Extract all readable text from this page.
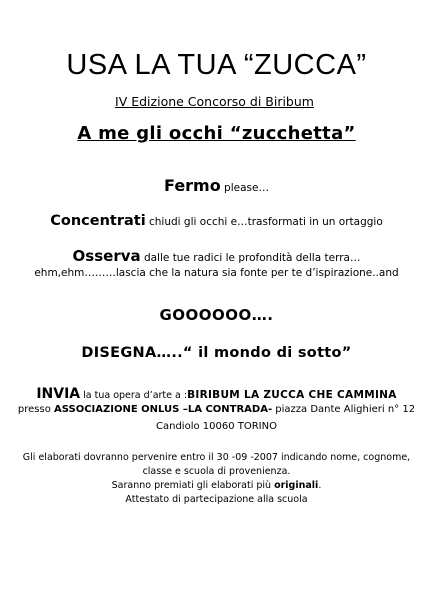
USA LA TUA “ZUCCA”
IV Edizione Concorso di Biribum
A me gli occhi “zucchetta”
Fermo please…
Concentrati chiudi gli occhi e…trasformati in un ortaggio
Osserva dalle tue radici le profondità della terra…
ehm,ehm………lascia che la natura sia fonte per te d’ispirazione..and
GOOOOOO….
DISEGNA…..“ il mondo di sotto”
INVIA la tua opera d’arte a :BIRIBUM LA ZUCCA CHE CAMMINA
presso ASSOCIAZIONE ONLUS –LA CONTRADA- piazza Dante Alighieri n° 12
Candiolo 10060 TORINO
Gli elaborati dovranno pervenire entro il 30 -09 -2007 indicando nome, cognome,
classe e scuola di provenienza.
Saranno premiati gli elaborati più originali.
Attestato di partecipazione alla scuola
